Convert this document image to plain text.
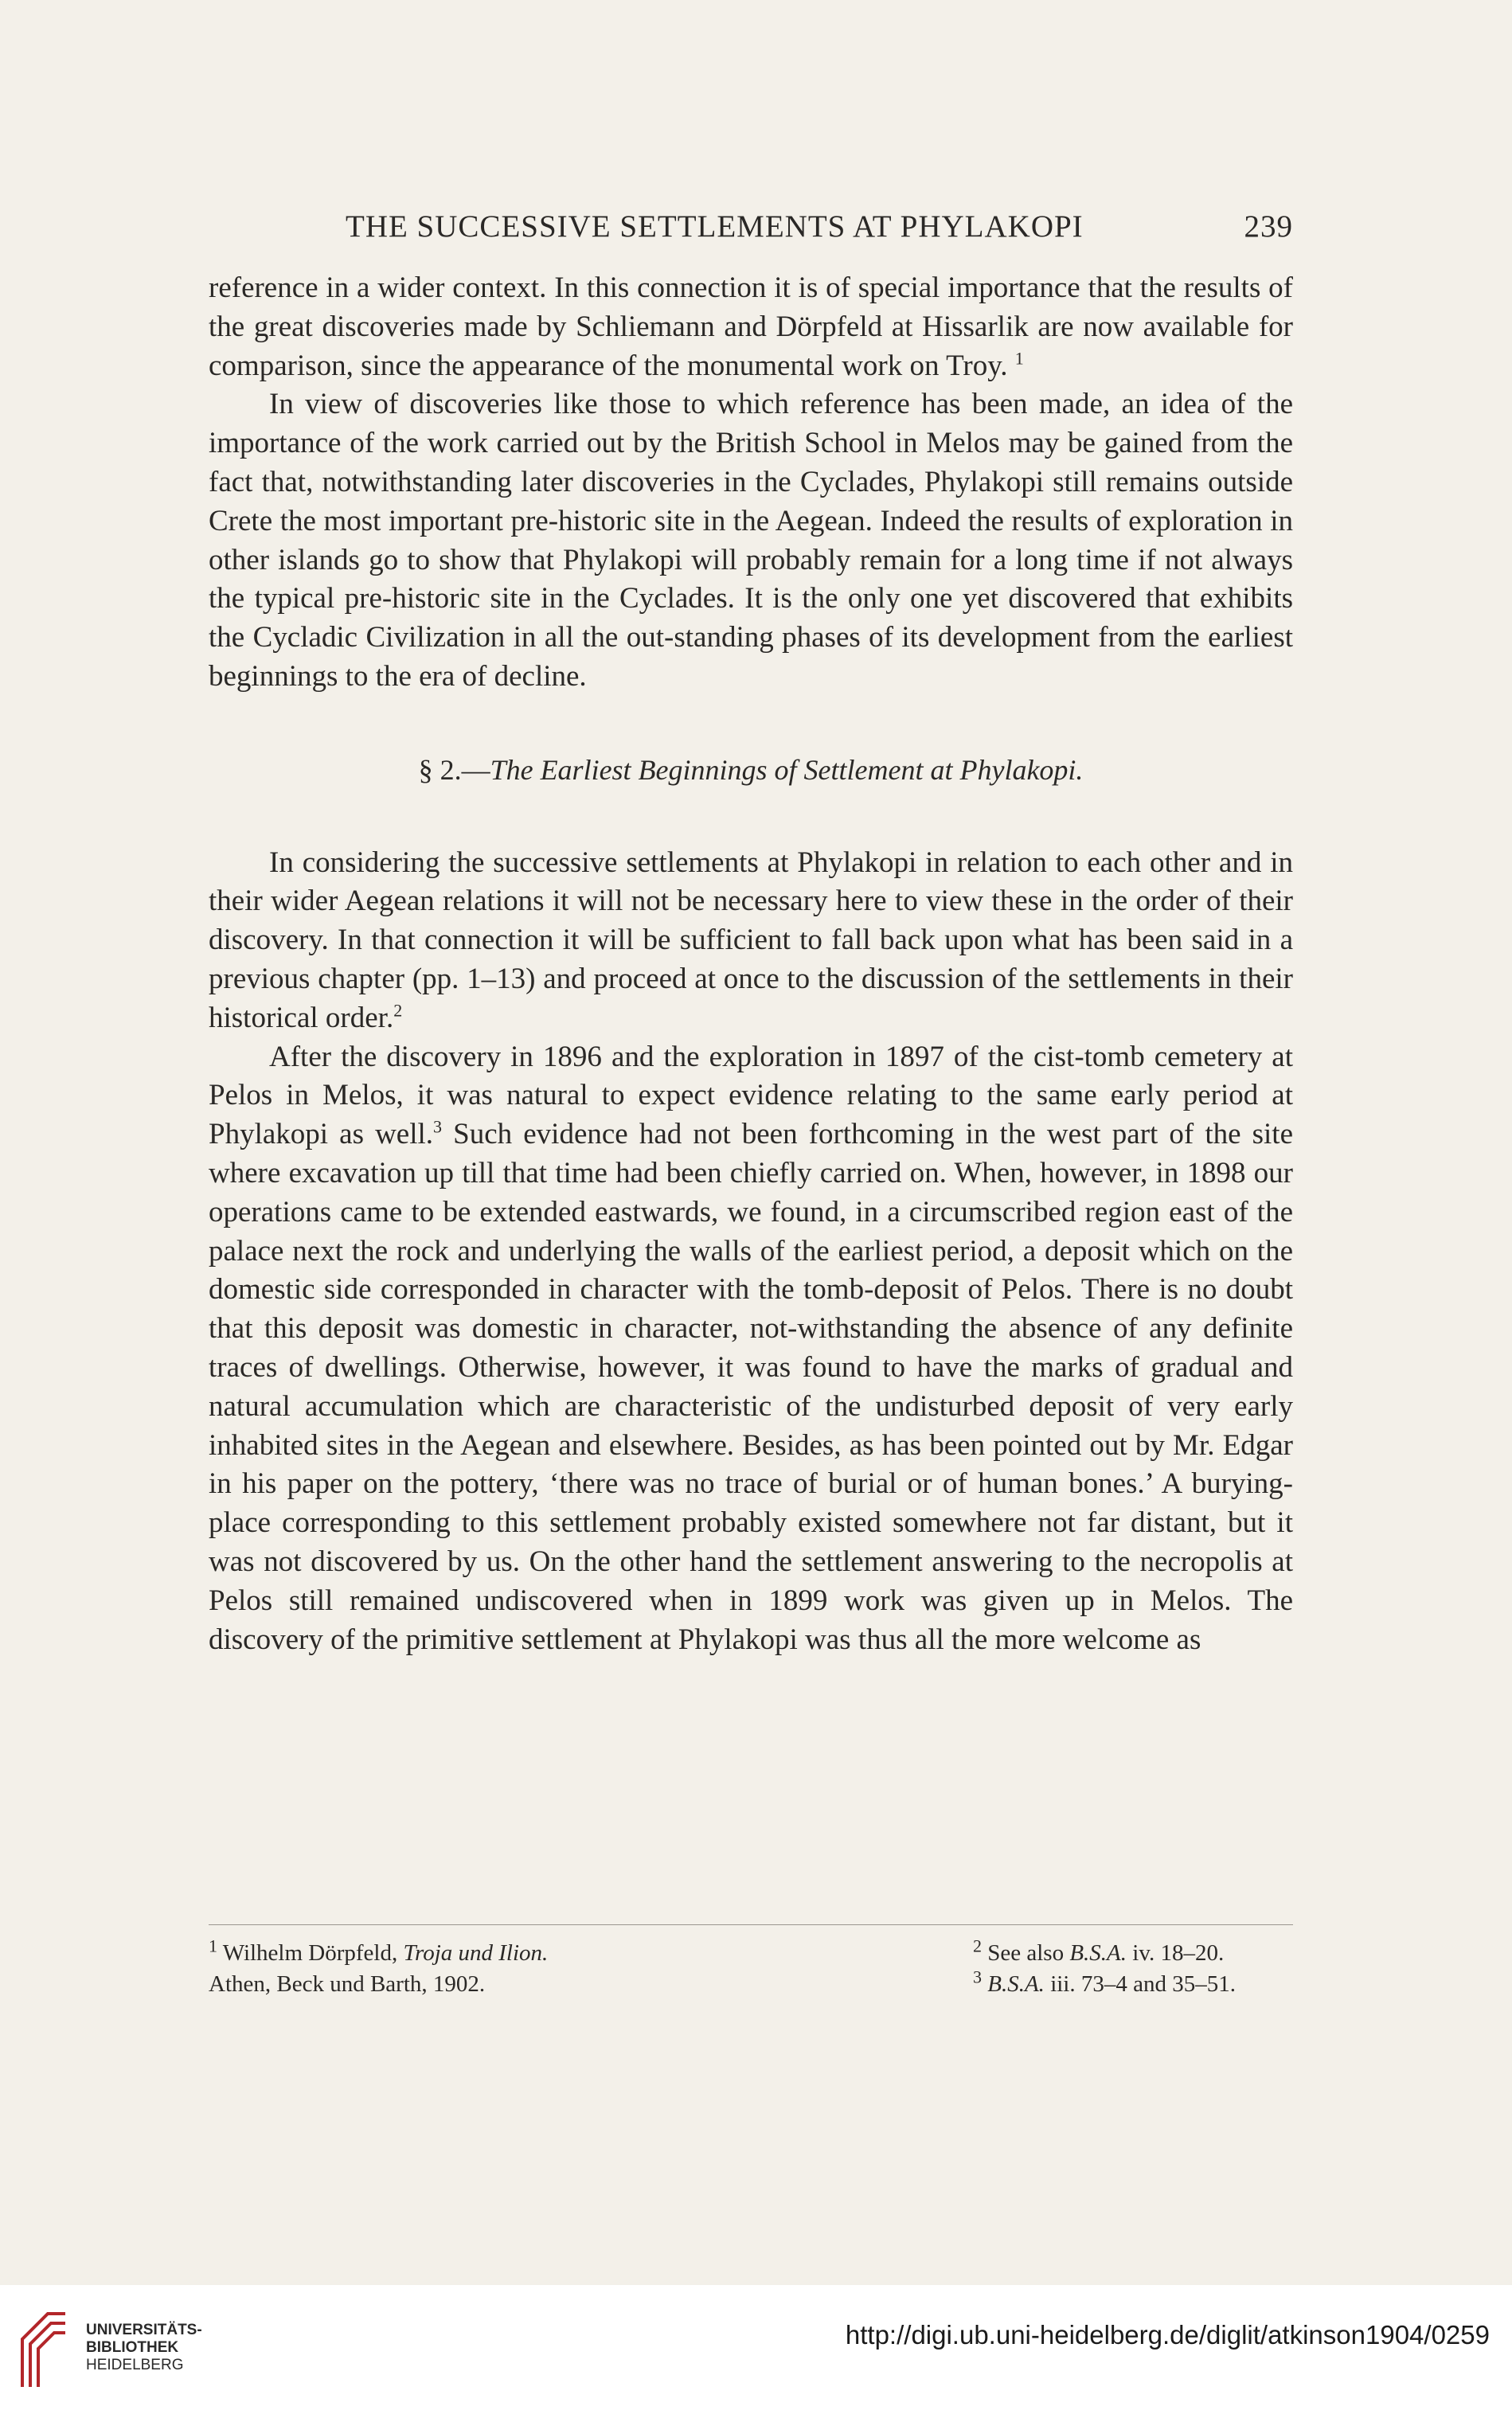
THE SUCCESSIVE SETTLEMENTS AT PHYLAKOPI	239

reference in a wider context. In this connection it is of special importance that the results of the great discoveries made by Schliemann and Dörpfeld at Hissarlik are now available for comparison, since the appearance of the monumental work on Troy. $^1$

In view of discoveries like those to which reference has been made, an idea of the importance of the work carried out by the British School in Melos may be gained from the fact that, notwithstanding later discoveries in the Cyclades, Phylakopi still remains outside Crete the most important pre-historic site in the Aegean. Indeed the results of exploration in other islands go to show that Phylakopi will probably remain for a long time if not always the typical pre-historic site in the Cyclades. It is the only one yet discovered that exhibits the Cycladic Civilization in all the out-standing phases of its development from the earliest beginnings to the era of decline.

§ 2.—The Earliest Beginnings of Settlement at Phylakopi.

In considering the successive settlements at Phylakopi in relation to each other and in their wider Aegean relations it will not be necessary here to view these in the order of their discovery. In that connection it will be sufficient to fall back upon what has been said in a previous chapter (pp. 1–13) and proceed at once to the discussion of the settlements in their historical order.$^2$

After the discovery in 1896 and the exploration in 1897 of the cist-tomb cemetery at Pelos in Melos, it was natural to expect evidence relating to the same early period at Phylakopi as well.$^3$ Such evidence had not been forthcoming in the west part of the site where excavation up till that time had been chiefly carried on. When, however, in 1898 our operations came to be extended eastwards, we found, in a circumscribed region east of the palace next the rock and underlying the walls of the earliest period, a deposit which on the domestic side corresponded in character with the tomb-deposit of Pelos. There is no doubt that this deposit was domestic in character, not-withstanding the absence of any definite traces of dwellings. Otherwise, however, it was found to have the marks of gradual and natural accumulation which are characteristic of the undisturbed deposit of very early inhabited sites in the Aegean and elsewhere. Besides, as has been pointed out by Mr. Edgar in his paper on the pottery, ‘there was no trace of burial or of human bones.’ A burying-place corresponding to this settlement probably existed somewhere not far distant, but it was not discovered by us. On the other hand the settlement answering to the necropolis at Pelos still remained undiscovered when in 1899 work was given up in Melos. The discovery of the primitive settlement at Phylakopi was thus all the more welcome as

$^1$ Wilhelm Dörpfeld, Troja und Ilion.
Athen, Beck und Barth, 1902.
$^2$ See also B.S.A. iv. 18–20.
$^3$ B.S.A. iii. 73–4 and 35–51.
UNIVERSITÄTS-
BIBLIOTHEK
HEIDELBERG
http://digi.ub.uni-heidelberg.de/diglit/atkinson1904/0259
